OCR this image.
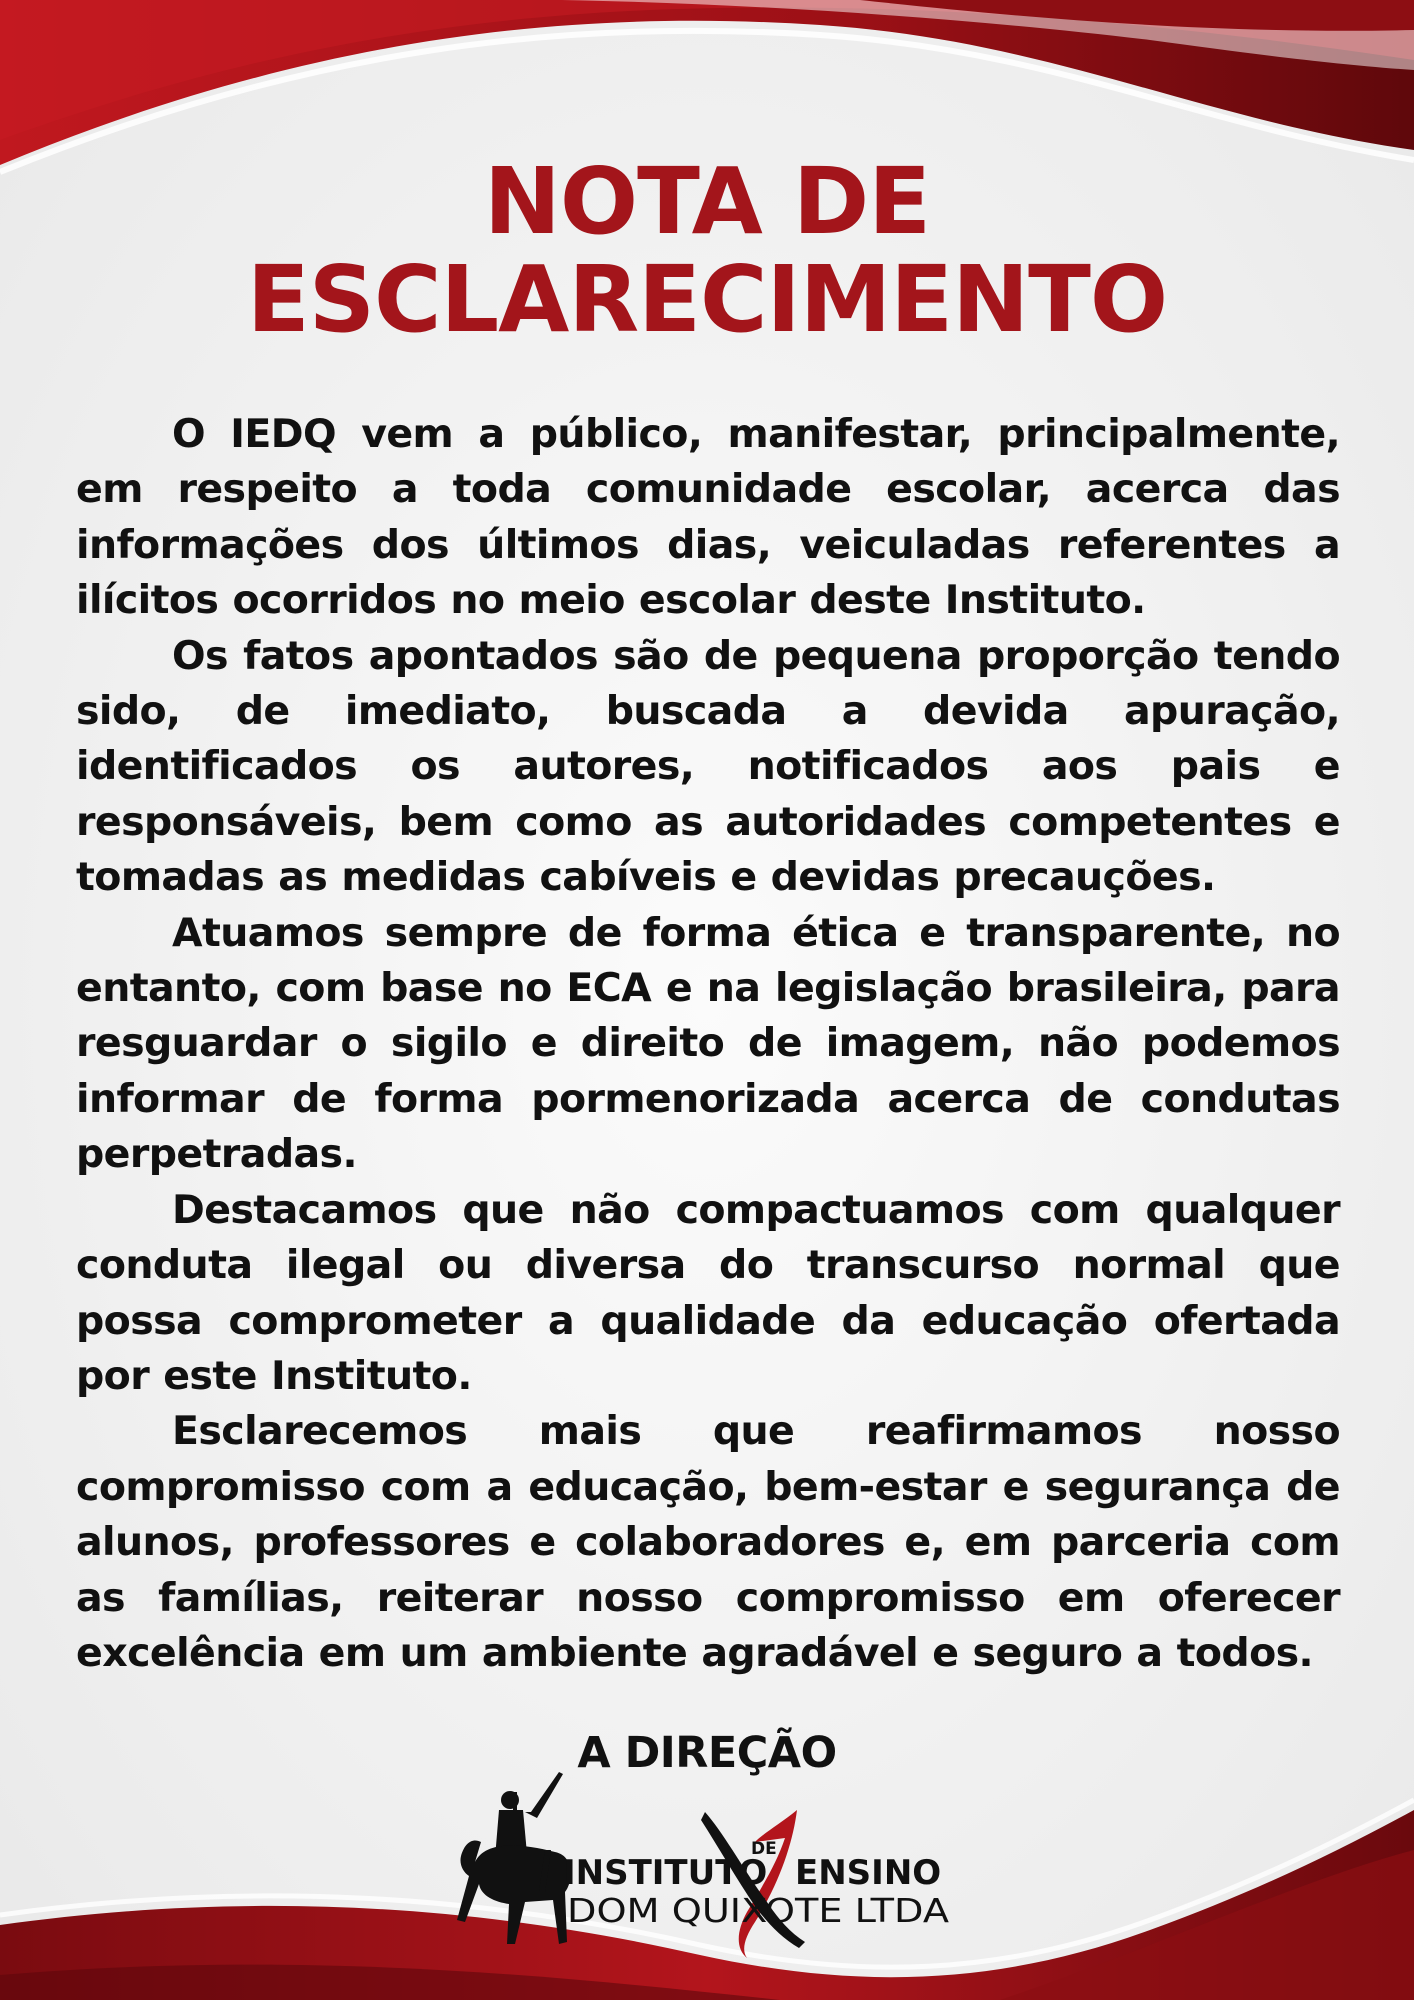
NOTA DE
ESCLARECIMENTO

O IEDQ vem a público, manifestar, principalmente, em respeito a toda comunidade escolar, acerca das informações dos últimos dias, veiculadas referentes a ilícitos ocorridos no meio escolar deste Instituto.

Os fatos apontados são de pequena proporção tendo sido, de imediato, buscada a devida apuração, identificados os autores, notificados aos pais e responsáveis, bem como as autoridades competentes e tomadas as medidas cabíveis e devidas precauções.

Atuamos sempre de forma ética e transparente, no entanto, com base no ECA e na legislação brasileira, para resguardar o sigilo e direito de imagem, não podemos informar de forma pormenorizada acerca de condutas perpetradas.

Destacamos que não compactuamos com qualquer conduta ilegal ou diversa do transcurso normal que possa comprometer a qualidade da educação ofertada por este Instituto.

Esclarecemos mais que reafirmamos nosso compromisso com a educação, bem-estar e segurança de alunos, professores e colaboradores e, em parceria com as famílias, reiterar nosso compromisso em oferecer excelência em um ambiente agradável e seguro a todos.

A DIREÇÃO
INSTITUTO
DE
ENSINO
DOM QUIXOTE LTDA
